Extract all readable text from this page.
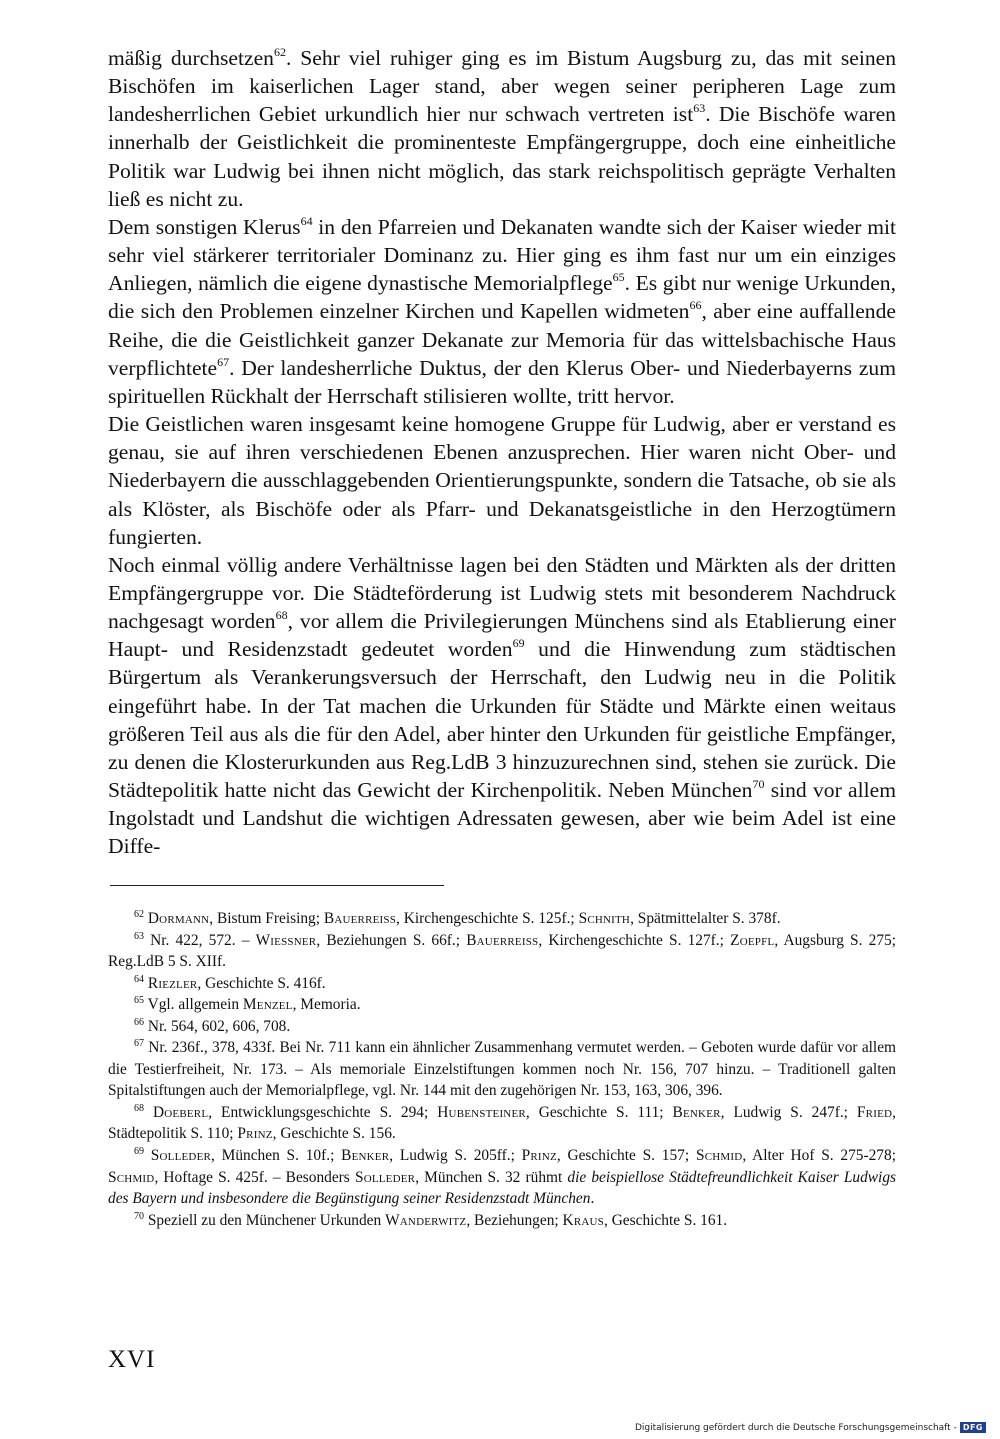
mäßig durchsetzen$^{62}$. Sehr viel ruhiger ging es im Bistum Augsburg zu, das mit seinen Bischöfen im kaiserlichen Lager stand, aber wegen seiner peripheren Lage zum landesherrlichen Gebiet urkundlich hier nur schwach vertreten ist$^{63}$. Die Bischöfe waren innerhalb der Geistlichkeit die prominenteste Empfängergruppe, doch eine einheitliche Politik war Ludwig bei ihnen nicht möglich, das stark reichspolitisch geprägte Verhalten ließ es nicht zu.

Dem sonstigen Klerus$^{64}$ in den Pfarreien und Dekanaten wandte sich der Kaiser wieder mit sehr viel stärkerer territorialer Dominanz zu. Hier ging es ihm fast nur um ein einziges Anliegen, nämlich die eigene dynastische Memorialpflege$^{65}$. Es gibt nur wenige Urkunden, die sich den Problemen einzelner Kirchen und Kapellen widmeten$^{66}$, aber eine auffallende Reihe, die die Geistlichkeit ganzer Dekanate zur Memoria für das wittelsbachische Haus verpflichtete$^{67}$. Der landesherrliche Duktus, der den Klerus Ober- und Niederbayerns zum spirituellen Rückhalt der Herrschaft stilisieren wollte, tritt hervor.

Die Geistlichen waren insgesamt keine homogene Gruppe für Ludwig, aber er verstand es genau, sie auf ihren verschiedenen Ebenen anzusprechen. Hier waren nicht Ober- und Niederbayern die ausschlaggebenden Orientierungspunkte, sondern die Tatsache, ob sie als als Klöster, als Bischöfe oder als Pfarr- und Dekanatsgeistliche in den Herzogtümern fungierten.

Noch einmal völlig andere Verhältnisse lagen bei den Städten und Märkten als der dritten Empfängergruppe vor. Die Städteförderung ist Ludwig stets mit besonderem Nachdruck nachgesagt worden$^{68}$, vor allem die Privilegierungen Münchens sind als Etablierung einer Haupt- und Residenzstadt gedeutet worden$^{69}$ und die Hinwendung zum städtischen Bürgertum als Verankerungsversuch der Herrschaft, den Ludwig neu in die Politik eingeführt habe. In der Tat machen die Urkunden für Städte und Märkte einen weitaus größeren Teil aus als die für den Adel, aber hinter den Urkunden für geistliche Empfänger, zu denen die Klosterurkunden aus Reg.LdB 3 hinzuzurechnen sind, stehen sie zurück. Die Städtepolitik hatte nicht das Gewicht der Kirchenpolitik. Neben München$^{70}$ sind vor allem Ingolstadt und Landshut die wichtigen Adressaten gewesen, aber wie beim Adel ist eine Diffe-

$^{62}$ Dormann, Bistum Freising; Bauerreiss, Kirchengeschichte S. 125f.; Schnith, Spätmittelalter S. 378f.

$^{63}$ Nr. 422, 572. – Wiessner, Beziehungen S. 66f.; Bauerreiss, Kirchengeschichte S. 127f.; Zoepfl, Augsburg S. 275; Reg.LdB 5 S. XIIf.

$^{64}$ Riezler, Geschichte S. 416f.

$^{65}$ Vgl. allgemein Menzel, Memoria.

$^{66}$ Nr. 564, 602, 606, 708.

$^{67}$ Nr. 236f., 378, 433f. Bei Nr. 711 kann ein ähnlicher Zusammenhang vermutet werden. – Geboten wurde dafür vor allem die Testierfreiheit, Nr. 173. – Als memoriale Einzelstiftungen kommen noch Nr. 156, 707 hinzu. – Traditionell galten Spitalstiftungen auch der Memorialpflege, vgl. Nr. 144 mit den zugehörigen Nr. 153, 163, 306, 396.

$^{68}$ Doeberl, Entwicklungsgeschichte S. 294; Hubensteiner, Geschichte S. 111; Benker, Ludwig S. 247f.; Fried, Städtepolitik S. 110; Prinz, Geschichte S. 156.

$^{69}$ Solleder, München S. 10f.; Benker, Ludwig S. 205ff.; Prinz, Geschichte S. 157; Schmid, Alter Hof S. 275-278; Schmid, Hoftage S. 425f. – Besonders Solleder, München S. 32 rühmt die beispiellose Städtefreundlichkeit Kaiser Ludwigs des Bayern und insbesondere die Begünstigung seiner Residenzstadt München.

$^{70}$ Speziell zu den Münchener Urkunden Wanderwitz, Beziehungen; Kraus, Geschichte S. 161.

XVI
Digitalisierung gefördert durch die Deutsche Forschungsgemeinschaft - DFG
